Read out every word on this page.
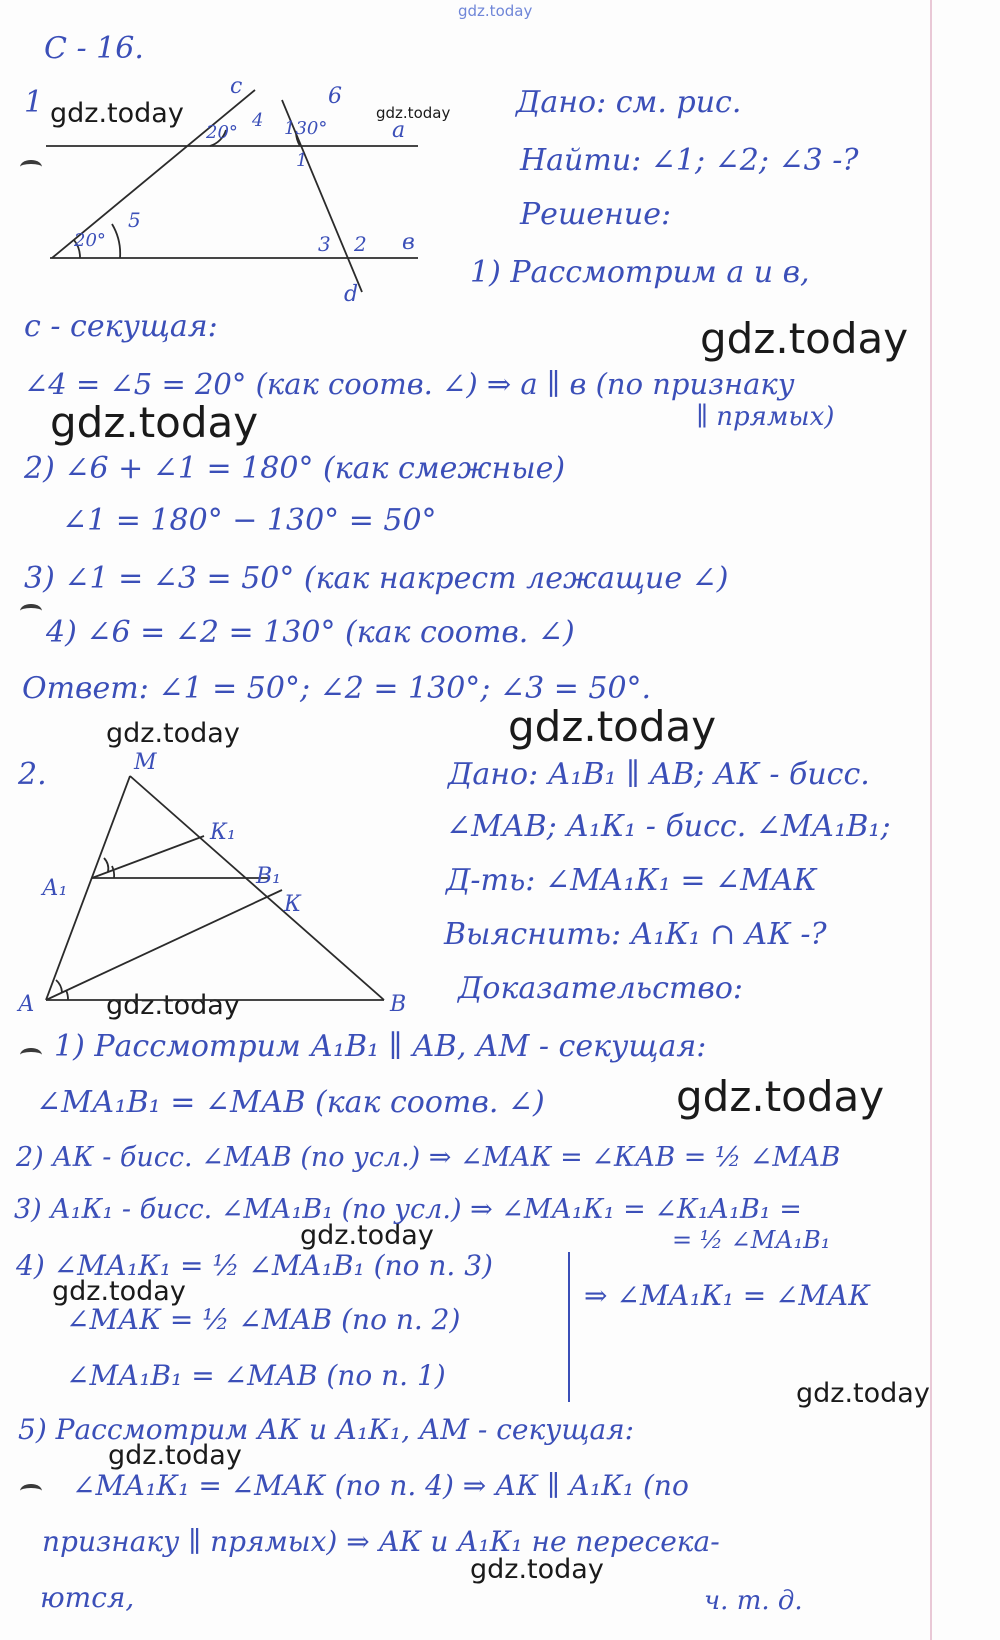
gdz.today
gdz.today	gdz.today
gdz.today
gdz.today
gdz.today	gdz.today
gdz.today
gdz.today
gdz.today
gdz.today
gdz.today
gdz.today
gdz.today
С - 16.
1	c	6
a
4
20°	130°
1
5
20°	3 2 в
d
Дано: см. рис.
Найти: ∠1; ∠2; ∠3 -?
Решение:
1) Рассмотрим а и в,
с - секущая:
∠4 = ∠5 = 20° (как соотв. ∠) ⇒ а ∥ в (по признаку
∥ прямых)
2) ∠6 + ∠1 = 180° (как смежные)
∠1 = 180° − 130° = 50°
3) ∠1 = ∠3 = 50° (как накрест лежащие ∠)
4) ∠6 = ∠2 = 130° (как соотв. ∠)
Ответ: ∠1 = 50°; ∠2 = 130°; ∠3 = 50°.
2.	М
К₁
А₁	В₁
К
А	В
Дано: А₁В₁ ∥ АВ; АК - бисс.
∠МАВ; А₁К₁ - бисс. ∠МА₁В₁;
Д-ть: ∠МА₁К₁ = ∠МАК
Выяснить: А₁К₁ ∩ АК -?
Доказательство:
1) Рассмотрим А₁В₁ ∥ АВ, АМ - секущая:
∠МА₁В₁ = ∠МАВ (как соотв. ∠)
2) АК - бисс. ∠МАВ (по усл.) ⇒ ∠МАК = ∠КАВ = ½ ∠МАВ
3) А₁К₁ - бисс. ∠МА₁В₁ (по усл.) ⇒ ∠МА₁К₁ = ∠К₁А₁В₁ =
= ½ ∠МА₁В₁
4) ∠МА₁К₁ = ½ ∠МА₁В₁ (по п. 3)
∠МАК = ½ ∠МАВ (по п. 2)
∠МА₁В₁ = ∠МАВ (по п. 1)
⇒ ∠МА₁К₁ = ∠МАК
5) Рассмотрим АК и А₁К₁, АМ - секущая:
∠МА₁К₁ = ∠МАК (по п. 4) ⇒ АК ∥ А₁К₁ (по
признаку ∥ прямых) ⇒ АК и А₁К₁ не пересека-
ются,	ч. т. д.
